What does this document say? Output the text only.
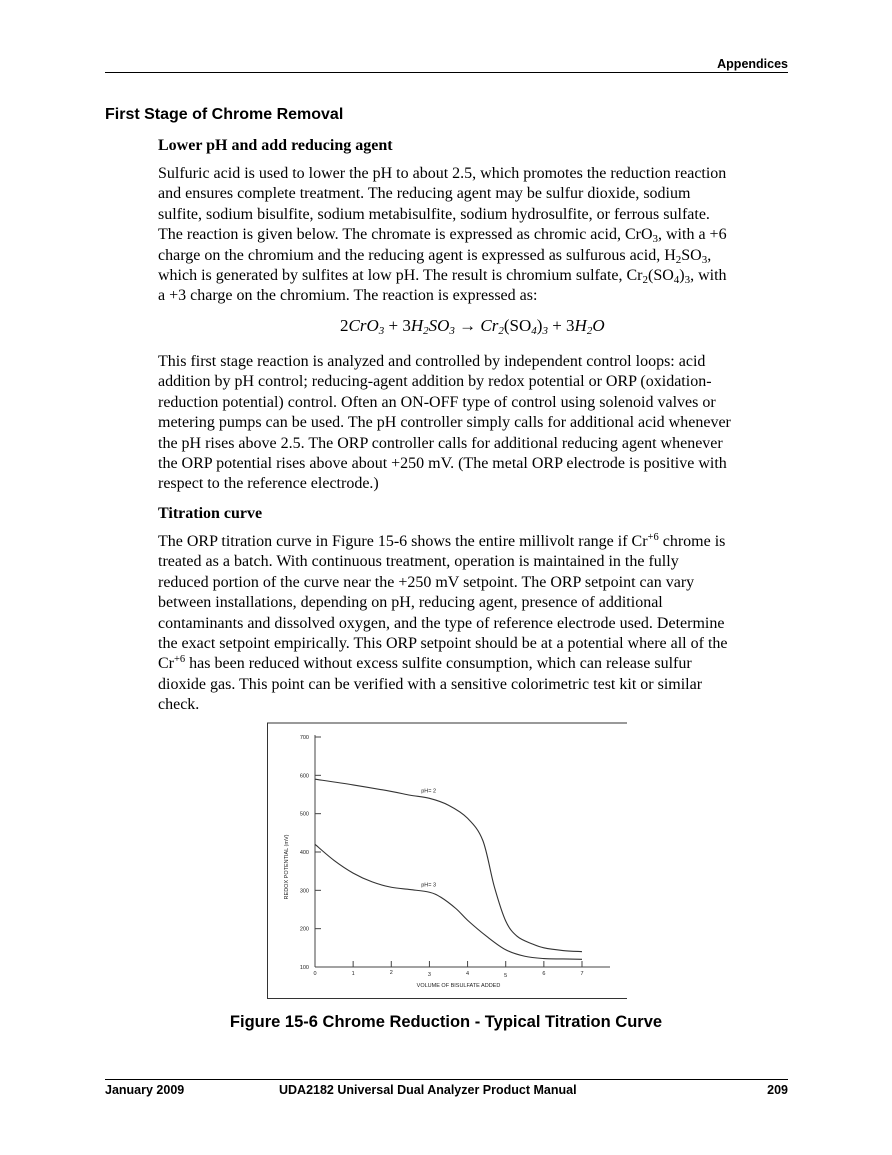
Appendices
First Stage of Chrome Removal
Lower pH and add reducing agent

Sulfuric acid is used to lower the pH to about 2.5, which promotes the reduction reaction
and ensures complete treatment. The reducing agent may be sulfur dioxide, sodium
sulfite, sodium bisulfite, sodium metabisulfite, sodium hydrosulfite, or ferrous sulfate.
The reaction is given below. The chromate is expressed as chromic acid, CrO$_3$, with a +6
charge on the chromium and the reducing agent is expressed as sulfurous acid, $H_2SO_3$,
which is generated by sulfites at low pH. The result is chromium sulfate, $Cr_2(SO_4)_3$, with
a +3 charge on the chromium. The reaction is expressed as:

$2CrO_3 + 3H_2SO_3 \to Cr_2(SO_4)_3 + 3H_2O$

This first stage reaction is analyzed and controlled by independent control loops: acid
addition by pH control; reducing-agent addition by redox potential or ORP (oxidation-
reduction potential) control. Often an ON-OFF type of control using solenoid valves or
metering pumps can be used. The pH controller simply calls for additional acid whenever
the pH rises above 2.5. The ORP controller calls for additional reducing agent whenever
the ORP potential rises above about +250 mV. (The metal ORP electrode is positive with
respect to the reference electrode.)

Titration curve

The ORP titration curve in Figure 15-6 shows the entire millivolt range if $Cr^{+6}$ chrome is
treated as a batch. With continuous treatment, operation is maintained in the fully
reduced portion of the curve near the +250 mV setpoint. The ORP setpoint can vary
between installations, depending on pH, reducing agent, presence of additional
contaminants and dissolved oxygen, and the type of reference electrode used. Determine
the exact setpoint empirically. This ORP setpoint should be at a potential where all of the
$Cr^{+6}$ has been reduced without excess sulfite consumption, which can release sulfur
dioxide gas. This point can be verified with a sensitive colorimetric test kit or similar
check.

100
200
300
400
500
600
700
0	1	2	3	4	5	6	7
VOLUME OF BISULFATE ADDED
REDOX POTENTIAL (mV)
pH= 2
pH= 3
Figure 15-6 Chrome Reduction - Typical Titration Curve
January 2009	UDA2182 Universal Dual Analyzer Product Manual	209
